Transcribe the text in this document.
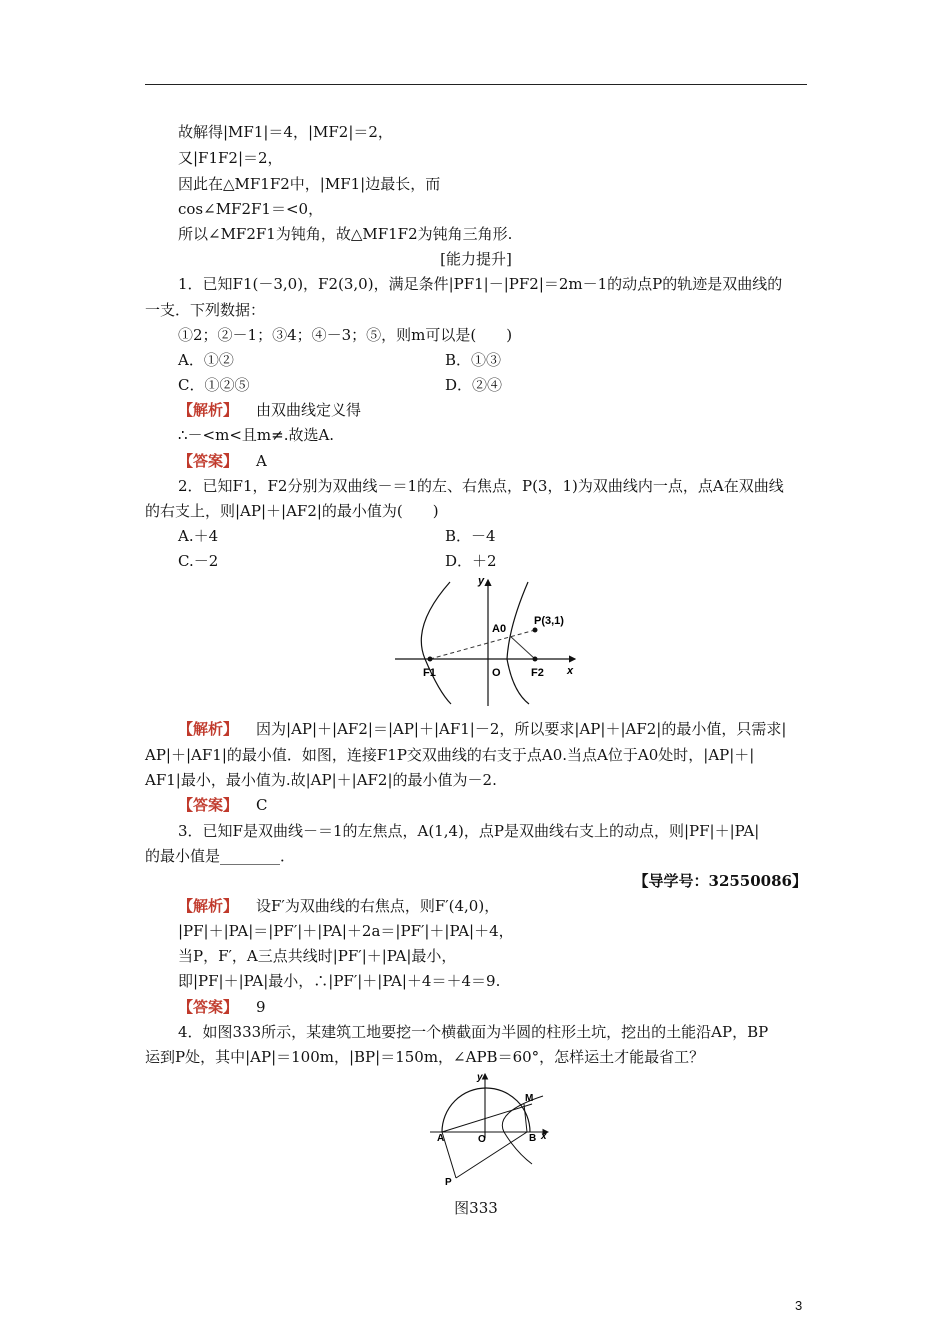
故解得|MF1|＝4，|MF2|＝2，
又|F1F2|＝2，
因此在△MF1F2中，|MF1|边最长，而
cos∠MF2F1＝<0，
所以∠MF2F1为钝角，故△MF1F2为钝角三角形.
[能力提升]
1．已知F1(－3,0)，F2(3,0)，满足条件|PF1|－|PF2|＝2m－1的动点P的轨迹是双曲线的
一支．下列数据：
①2；②－1；③4；④－3；⑤，则m可以是(　　)
A．①②	B．①③
C．①②⑤	D．②④
【解析】 由双曲线定义得
∴－<m<且m≠.故选A.
【答案】 A
2．已知F1，F2分别为双曲线－＝1的左、右焦点，P(3，1)为双曲线内一点，点A在双曲线
的右支上，则|AP|＋|AF2|的最小值为(　　)
A.＋4	B．－4
C.－2	D．＋2
y
x
A0
P(3,1)
F1	O	F2
【解析】 因为|AP|＋|AF2|＝|AP|＋|AF1|－2，所以要求|AP|＋|AF2|的最小值，只需求|
AP|＋|AF1|的最小值．如图，连接F1P交双曲线的右支于点A0.当点A位于A0处时，|AP|＋|
AF1|最小，最小值为.故|AP|＋|AF2|的最小值为－2.
【答案】 C
3．已知F是双曲线－＝1的左焦点，A(1,4)，点P是双曲线右支上的动点，则|PF|＋|PA|
的最小值是________．
【导学号：32550086】
【解析】 设F′为双曲线的右焦点，则F′(4,0)，
|PF|＋|PA|＝|PF′|＋|PA|＋2a＝|PF′|＋|PA|＋4，
当P，F′，A三点共线时|PF′|＋|PA|最小，
即|PF|＋|PA|最小，∴|PF′|＋|PA|＋4＝＋4＝9.
【答案】 9
4．如图333所示，某建筑工地要挖一个横截面为半圆的柱形土坑，挖出的土能沿AP，BP
运到P处，其中|AP|＝100m，|BP|＝150m，∠APB＝60°，怎样运土才能最省工？
y
M
A	O	B x
P
图333
3
